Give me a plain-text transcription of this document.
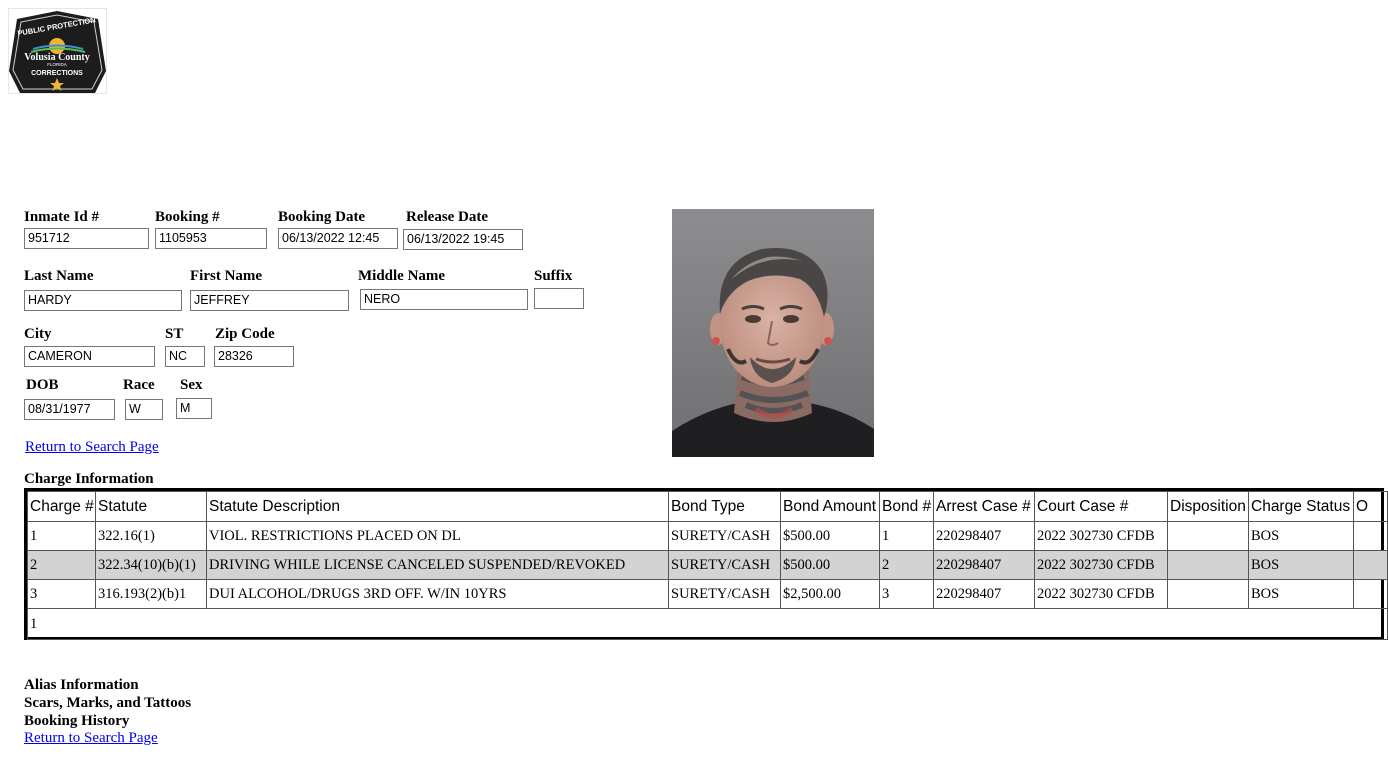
PUBLIC PROTECTION
Volusia County
FLORIDA
CORRECTIONS
Inmate Id #	Booking #	Booking Date	Release Date
951712	1105953	06/13/2022 12:45	06/13/2022 19:45
Last Name	First Name	Middle Name	Suffix
HARDY	JEFFREY	NERO
City	ST Zip Code
CAMERON	NC	28326
DOB	Race Sex
08/31/1977	W	M
Return to Search Page
Charge Information
Charge #	Statute	Statute Description	Bond Type	Bond Amount	Bond #	Arrest Case #	Court Case #	Disposition	Charge Status	O
1	322.16(1)	VIOL. RESTRICTIONS PLACED ON DL	SURETY/CASH	$500.00	1	220298407	2022 302730 CFDB		BOS	
2	322.34(10)(b)(1)	DRIVING WHILE LICENSE CANCELED SUSPENDED/REVOKED	SURETY/CASH	$500.00	2	220298407	2022 302730 CFDB		BOS	
3	316.193(2)(b)1	DUI ALCOHOL/DRUGS 3RD OFF. W/IN 10YRS	SURETY/CASH	$2,500.00	3	220298407	2022 302730 CFDB		BOS	
1										
Alias Information
Scars, Marks, and Tattoos
Booking History
Return to Search Page
